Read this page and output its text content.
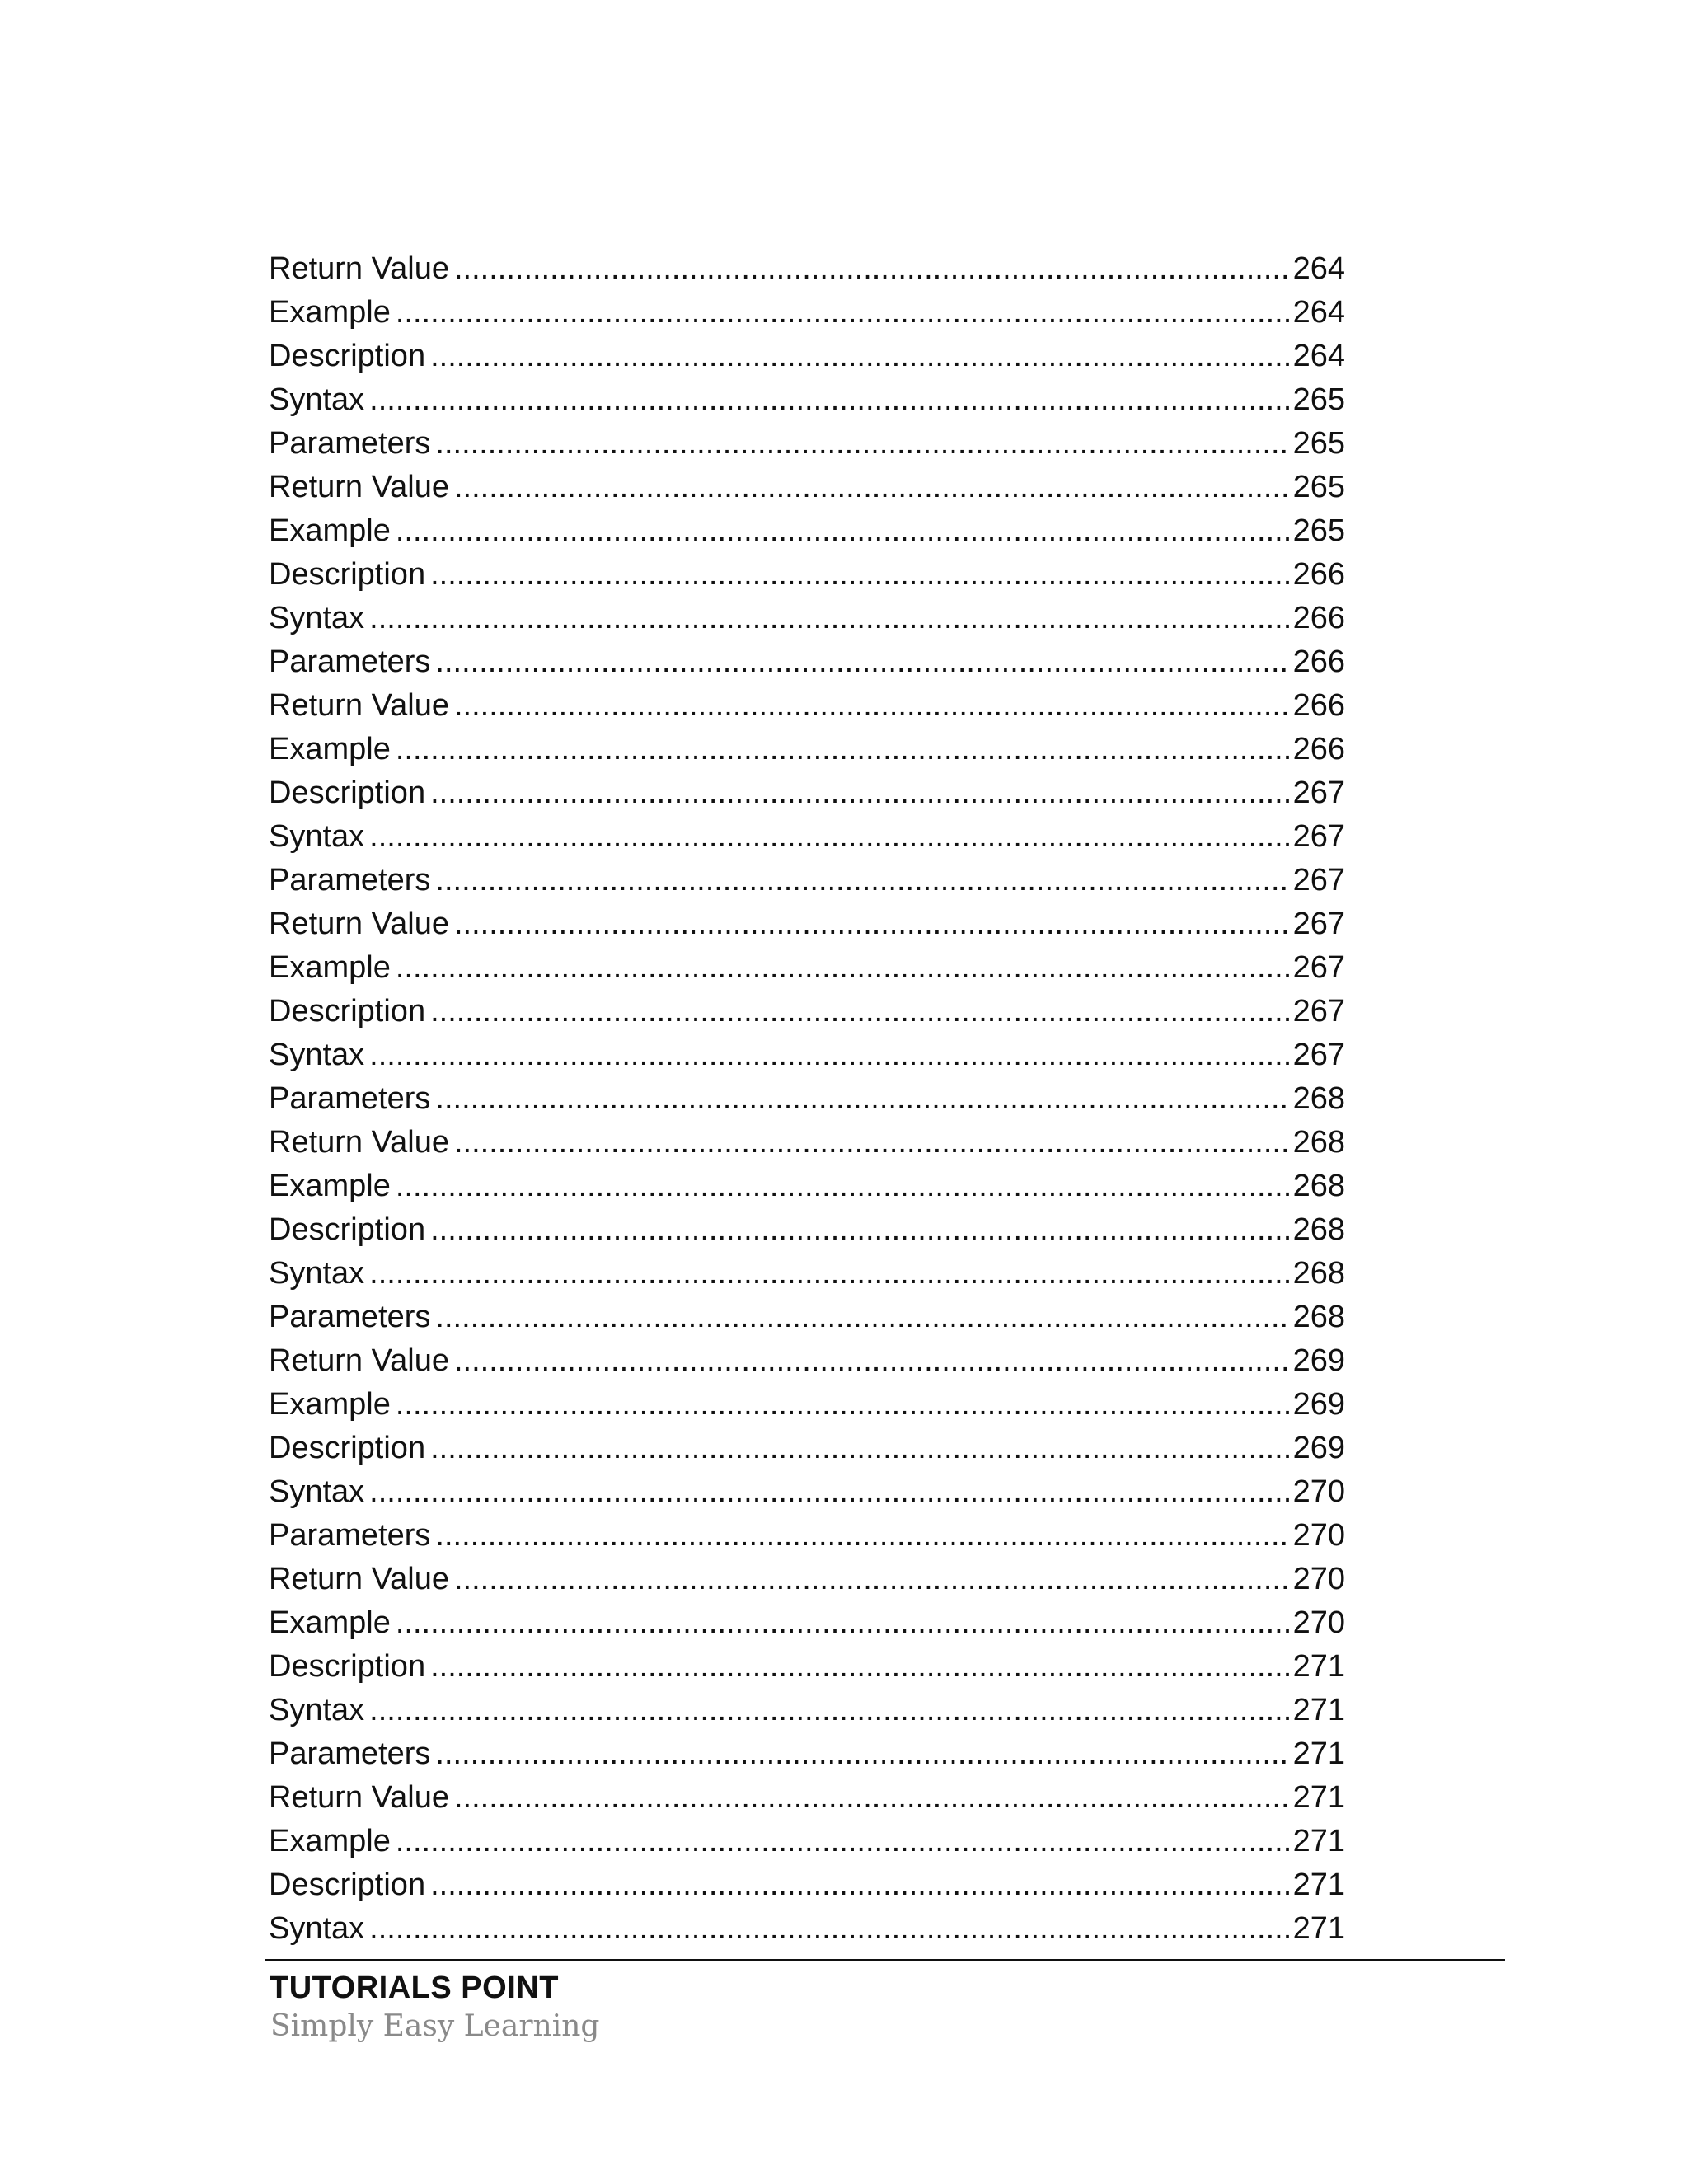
Return Value .....	264
Example .....	264
Description .....	264
Syntax .....	265
Parameters .....	265
Return Value .....	265
Example .....	265
Description .....	266
Syntax .....	266
Parameters .....	266
Return Value .....	266
Example .....	266
Description .....	267
Syntax .....	267
Parameters .....	267
Return Value .....	267
Example .....	267
Description .....	267
Syntax .....	267
Parameters .....	268
Return Value .....	268
Example .....	268
Description .....	268
Syntax .....	268
Parameters .....	268
Return Value .....	269
Example .....	269
Description .....	269
Syntax .....	270
Parameters .....	270
Return Value .....	270
Example .....	270
Description .....	271
Syntax .....	271
Parameters .....	271
Return Value .....	271
Example .....	271
Description .....	271
Syntax .....	271
TUTORIALS POINT
Simply Easy Learning
